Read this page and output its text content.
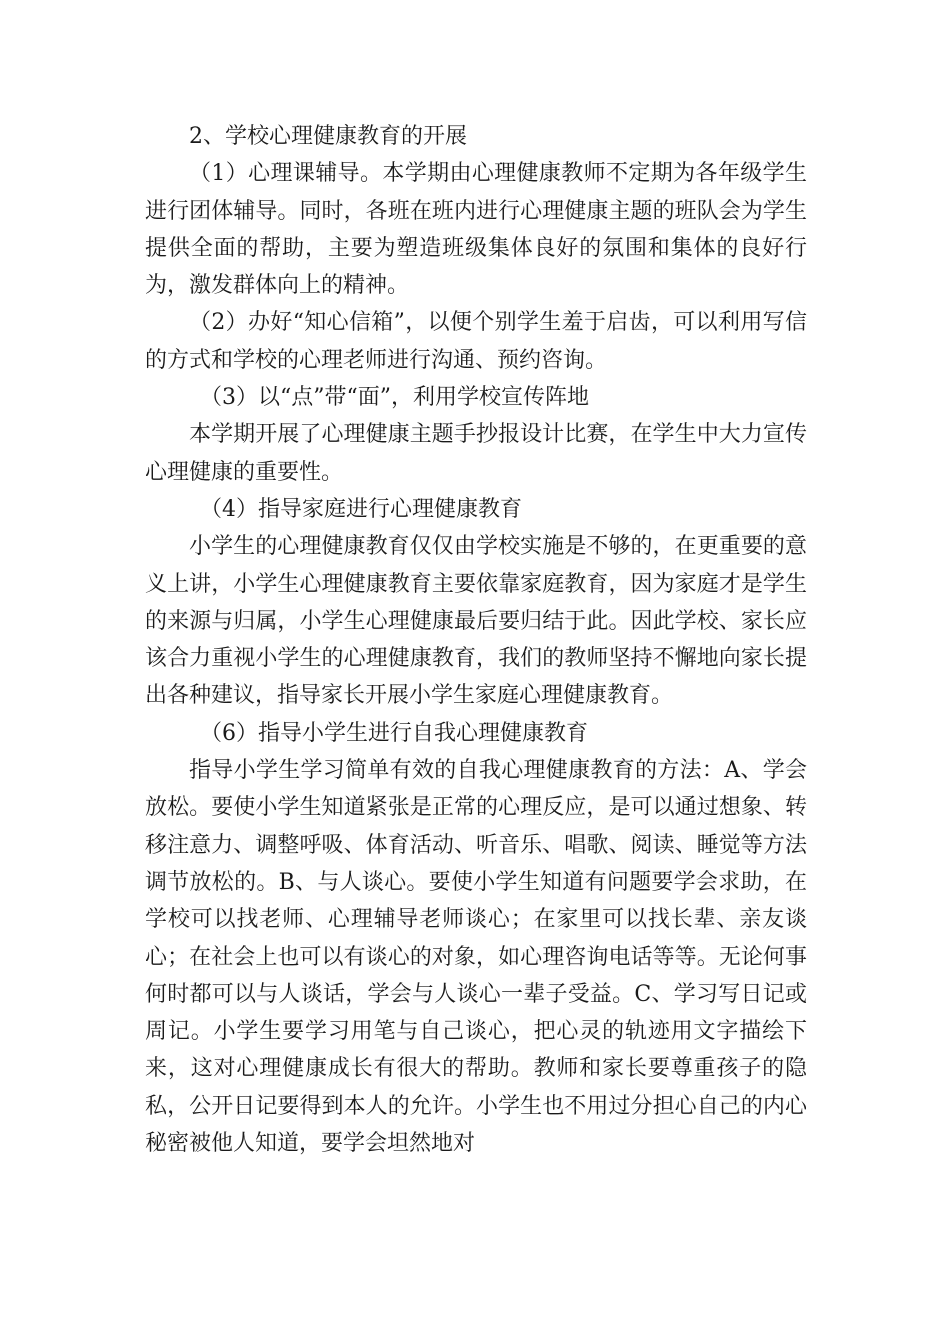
2、学校心理健康教育的开展

（1）心理课辅导。本学期由心理健康教师不定期为各年级学生进行团体辅导。同时，各班在班内进行心理健康主题的班队会为学生提供全面的帮助，主要为塑造班级集体良好的氛围和集体的良好行为，激发群体向上的精神。

（2）办好“知心信箱”，以便个别学生羞于启齿，可以利用写信的方式和学校的心理老师进行沟通、预约咨询。

（3）以“点”带“面”，利用学校宣传阵地

本学期开展了心理健康主题手抄报设计比赛，在学生中大力宣传心理健康的重要性。

（4）指导家庭进行心理健康教育

小学生的心理健康教育仅仅由学校实施是不够的，在更重要的意义上讲，小学生心理健康教育主要依靠家庭教育，因为家庭才是学生的来源与归属，小学生心理健康最后要归结于此。因此学校、家长应该合力重视小学生的心理健康教育，我们的教师坚持不懈地向家长提出各种建议，指导家长开展小学生家庭心理健康教育。

（6）指导小学生进行自我心理健康教育

指导小学生学习简单有效的自我心理健康教育的方法：A、学会放松。要使小学生知道紧张是正常的心理反应，是可以通过想象、转移注意力、调整呼吸、体育活动、听音乐、唱歌、阅读、睡觉等方法调节放松的。B、与人谈心。要使小学生知道有问题要学会求助，在学校可以找老师、心理辅导老师谈心；在家里可以找长辈、亲友谈心；在社会上也可以有谈心的对象，如心理咨询电话等等。无论何事何时都可以与人谈话，学会与人谈心一辈子受益。C、学习写日记或周记。小学生要学习用笔与自己谈心，把心灵的轨迹用文字描绘下来，这对心理健康成长有很大的帮助。教师和家长要尊重孩子的隐私，公开日记要得到本人的允许。小学生也不用过分担心自己的内心秘密被他人知道，要学会坦然地对
